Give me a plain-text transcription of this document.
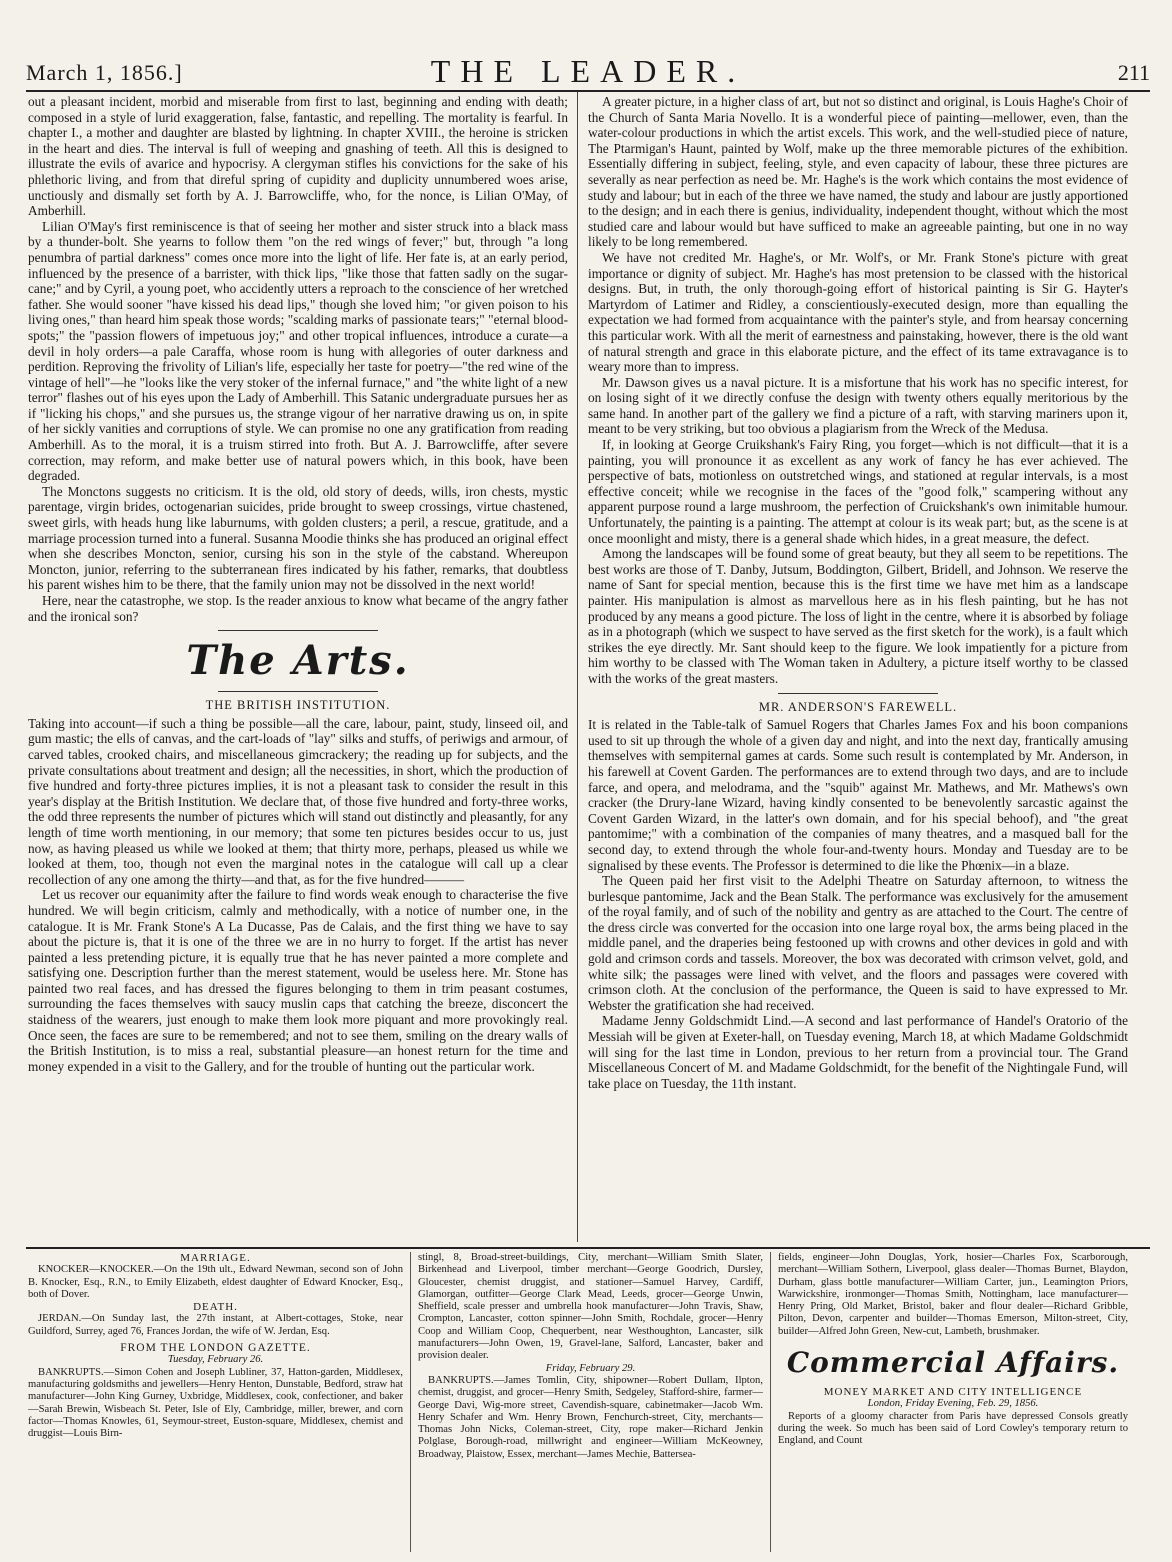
March 1, 1856.]	THE LEADER.	211

out a pleasant incident, morbid and miserable from first to last, beginning and ending with death; composed in a style of lurid exaggeration, false, fantastic, and repelling. The mortality is fearful. In chapter I., a mother and daughter are blasted by lightning. In chapter XVIII., the heroine is stricken in the heart and dies. The interval is full of weeping and gnashing of teeth. All this is designed to illustrate the evils of avarice and hypocrisy. A clergyman stifles his convictions for the sake of his phlethoric living, and from that direful spring of cupidity and duplicity unnumbered woes arise, unctiously and dismally set forth by A. J. Barrowcliffe, who, for the nonce, is Lilian O'May, of Amberhill.

Lilian O'May's first reminiscence is that of seeing her mother and sister struck into a black mass by a thunder-bolt. She yearns to follow them "on the red wings of fever;" but, through "a long penumbra of partial darkness" comes once more into the light of life. Her fate is, at an early period, influenced by the presence of a barrister, with thick lips, "like those that fatten sadly on the sugar-cane;" and by Cyril, a young poet, who accidently utters a reproach to the conscience of her wretched father. She would sooner "have kissed his dead lips," though she loved him; "or given poison to his living ones," than heard him speak those words; "scalding marks of passionate tears;" "eternal blood-spots;" the "passion flowers of impetuous joy;" and other tropical influences, introduce a curate—a devil in holy orders—a pale Caraffa, whose room is hung with allegories of outer darkness and perdition. Reproving the frivolity of Lilian's life, especially her taste for poetry—"the red wine of the vintage of hell"—he "looks like the very stoker of the infernal furnace," and "the white light of a new terror" flashes out of his eyes upon the Lady of Amberhill. This Satanic undergraduate pursues her as if "licking his chops," and she pursues us, the strange vigour of her narrative drawing us on, in spite of her sickly vanities and corruptions of style. We can promise no one any gratification from reading Amberhill. As to the moral, it is a truism stirred into froth. But A. J. Barrowcliffe, after severe correction, may reform, and make better use of natural powers which, in this book, have been degraded.

The Monctons suggests no criticism. It is the old, old story of deeds, wills, iron chests, mystic parentage, virgin brides, octogenarian suicides, pride brought to sweep crossings, virtue chastened, sweet girls, with heads hung like laburnums, with golden clusters; a peril, a rescue, gratitude, and a marriage procession turned into a funeral. Susanna Moodie thinks she has produced an original effect when she describes Moncton, senior, cursing his son in the style of the cabstand. Whereupon Moncton, junior, referring to the subterranean fires indicated by his father, remarks, that doubtless his parent wishes him to be there, that the family union may not be dissolved in the next world!

Here, near the catastrophe, we stop. Is the reader anxious to know what became of the angry father and the ironical son?

The Arts.
THE BRITISH INSTITUTION.

Taking into account—if such a thing be possible—all the care, labour, paint, study, linseed oil, and gum mastic; the ells of canvas, and the cart-loads of "lay" silks and stuffs, of periwigs and armour, of carved tables, crooked chairs, and miscellaneous gimcrackery; the reading up for subjects, and the private consultations about treatment and design; all the necessities, in short, which the production of five hundred and forty-three pictures implies, it is not a pleasant task to consider the result in this year's display at the British Institution. We declare that, of those five hundred and forty-three works, the odd three represents the number of pictures which will stand out distinctly and pleasantly, for any length of time worth mentioning, in our memory; that some ten pictures besides occur to us, just now, as having pleased us while we looked at them; that thirty more, perhaps, pleased us while we looked at them, too, though not even the marginal notes in the catalogue will call up a clear recollection of any one among the thirty—and that, as for the five hundred———

Let us recover our equanimity after the failure to find words weak enough to characterise the five hundred. We will begin criticism, calmly and methodically, with a notice of number one, in the catalogue. It is Mr. Frank Stone's A La Ducasse, Pas de Calais, and the first thing we have to say about the picture is, that it is one of the three we are in no hurry to forget. If the artist has never painted a less pretending picture, it is equally true that he has never painted a more complete and satisfying one. Description further than the merest statement, would be useless here. Mr. Stone has painted two real faces, and has dressed the figures belonging to them in trim peasant costumes, surrounding the faces themselves with saucy muslin caps that catching the breeze, disconcert the staidness of the wearers, just enough to make them look more piquant and more provokingly real. Once seen, the faces are sure to be remembered; and not to see them, smiling on the dreary walls of the British Institution, is to miss a real, substantial pleasure—an honest return for the time and money expended in a visit to the Gallery, and for the trouble of hunting out the particular work.

A greater picture, in a higher class of art, but not so distinct and original, is Louis Haghe's Choir of the Church of Santa Maria Novello. It is a wonderful piece of painting—mellower, even, than the water-colour productions in which the artist excels. This work, and the well-studied piece of nature, The Ptarmigan's Haunt, painted by Wolf, make up the three memorable pictures of the exhibition. Essentially differing in subject, feeling, style, and even capacity of labour, these three pictures are severally as near perfection as need be. Mr. Haghe's is the work which contains the most evidence of study and labour; but in each of the three we have named, the study and labour are justly apportioned to the design; and in each there is genius, individuality, independent thought, without which the most studied care and labour would but have sufficed to make an agreeable painting, but one in no way likely to be long remembered.

We have not credited Mr. Haghe's, or Mr. Wolf's, or Mr. Frank Stone's picture with great importance or dignity of subject. Mr. Haghe's has most pretension to be classed with the historical designs. But, in truth, the only thorough-going effort of historical painting is Sir G. Hayter's Martyrdom of Latimer and Ridley, a conscientiously-executed design, more than equalling the expectation we had formed from acquaintance with the painter's style, and from hearsay concerning this particular work. With all the merit of earnestness and painstaking, however, there is the old want of natural strength and grace in this elaborate picture, and the effect of its tame extravagance is to weary more than to impress.

Mr. Dawson gives us a naval picture. It is a misfortune that his work has no specific interest, for on losing sight of it we directly confuse the design with twenty others equally meritorious by the same hand. In another part of the gallery we find a picture of a raft, with starving mariners upon it, meant to be very striking, but too obvious a plagiarism from the Wreck of the Medusa.

If, in looking at George Cruikshank's Fairy Ring, you forget—which is not difficult—that it is a painting, you will pronounce it as excellent as any work of fancy he has ever achieved. The perspective of bats, motionless on outstretched wings, and stationed at regular intervals, is a most effective conceit; while we recognise in the faces of the "good folk," scampering without any apparent purpose round a large mushroom, the perfection of Cruickshank's own inimitable humour. Unfortunately, the painting is a painting. The attempt at colour is its weak part; but, as the scene is at once moonlight and misty, there is a general shade which hides, in a great measure, the defect.

Among the landscapes will be found some of great beauty, but they all seem to be repetitions. The best works are those of T. Danby, Jutsum, Boddington, Gilbert, Bridell, and Johnson. We reserve the name of Sant for special mention, because this is the first time we have met him as a landscape painter. His manipulation is almost as marvellous here as in his flesh painting, but he has not produced by any means a good picture. The loss of light in the centre, where it is absorbed by foliage as in a photograph (which we suspect to have served as the first sketch for the work), is a fault which strikes the eye directly. Mr. Sant should keep to the figure. We look impatiently for a picture from him worthy to be classed with The Woman taken in Adultery, a picture itself worthy to be classed with the works of the great masters.

MR. ANDERSON'S FAREWELL.

It is related in the Table-talk of Samuel Rogers that Charles James Fox and his boon companions used to sit up through the whole of a given day and night, and into the next day, frantically amusing themselves with sempiternal games at cards. Some such result is contemplated by Mr. Anderson, in his farewell at Covent Garden. The performances are to extend through two days, and are to include farce, and opera, and melodrama, and the "squib" against Mr. Mathews, and Mr. Mathews's own cracker (the Drury-lane Wizard, having kindly consented to be benevolently sarcastic against the Covent Garden Wizard, in the latter's own domain, and for his special behoof), and "the great pantomime;" with a combination of the companies of many theatres, and a masqued ball for the second day, to extend through the whole four-and-twenty hours. Monday and Tuesday are to be signalised by these events. The Professor is determined to die like the Phœnix—in a blaze.

The Queen paid her first visit to the Adelphi Theatre on Saturday afternoon, to witness the burlesque pantomime, Jack and the Bean Stalk. The performance was exclusively for the amusement of the royal family, and of such of the nobility and gentry as are attached to the Court. The centre of the dress circle was converted for the occasion into one large royal box, the arms being placed in the middle panel, and the draperies being festooned up with crowns and other devices in gold and with gold and crimson cords and tassels. Moreover, the box was decorated with crimson velvet, gold, and white silk; the passages were lined with velvet, and the floors and passages were covered with crimson cloth. At the conclusion of the performance, the Queen is said to have expressed to Mr. Webster the gratification she had received.

Madame Jenny Goldschmidt Lind.—A second and last performance of Handel's Oratorio of the Messiah will be given at Exeter-hall, on Tuesday evening, March 18, at which Madame Goldschmidt will sing for the last time in London, previous to her return from a provincial tour. The Grand Miscellaneous Concert of M. and Madame Goldschmidt, for the benefit of the Nightingale Fund, will take place on Tuesday, the 11th instant.

MARRIAGE.

KNOCKER—KNOCKER.—On the 19th ult., Edward Newman, second son of John B. Knocker, Esq., R.N., to Emily Elizabeth, eldest daughter of Edward Knocker, Esq., both of Dover.

DEATH.

JERDAN.—On Sunday last, the 27th instant, at Albert-cottages, Stoke, near Guildford, Surrey, aged 76, Frances Jordan, the wife of W. Jerdan, Esq.

FROM THE LONDON GAZETTE.
Tuesday, February 26.

BANKRUPTS.—Simon Cohen and Joseph Lubliner, 37, Hatton-garden, Middlesex, manufacturing goldsmiths and jewellers—Henry Henton, Dunstable, Bedford, straw hat manufacturer—John King Gurney, Uxbridge, Middlesex, cook, confectioner, and baker—Sarah Brewin, Wisbeach St. Peter, Isle of Ely, Cambridge, miller, brewer, and corn factor—Thomas Knowles, 61, Seymour-street, Euston-square, Middlesex, chemist and druggist—Louis Birn-

stingl, 8, Broad-street-buildings, City, merchant—William Smith Slater, Birkenhead and Liverpool, timber merchant—George Goodrich, Dursley, Gloucester, chemist druggist, and stationer—Samuel Harvey, Cardiff, Glamorgan, outfitter—George Clark Mead, Leeds, grocer—George Unwin, Sheffield, scale presser and umbrella hook manufacturer—John Travis, Shaw, Crompton, Lancaster, cotton spinner—John Smith, Rochdale, grocer—Henry Coop and William Coop, Chequerbent, near Westhoughton, Lancaster, silk manufacturers—John Owen, 19, Gravel-lane, Salford, Lancaster, baker and provision dealer.

Friday, February 29.

BANKRUPTS.—James Tomlin, City, shipowner—Robert Dullam, Ilpton, chemist, druggist, and grocer—Henry Smith, Sedgeley, Stafford-shire, farmer—George Davi, Wig-more street, Cavendish-square, cabinetmaker—Jacob Wm. Henry Schafer and Wm. Henry Brown, Fenchurch-street, City, merchants—Thomas John Nicks, Coleman-street, City, rope maker—Richard Jenkin Polglase, Borough-road, millwright and engineer—William McKeowney, Broadway, Plaistow, Essex, merchant—James Mechie, Battersea-

fields, engineer—John Douglas, York, hosier—Charles Fox, Scarborough, merchant—William Sothern, Liverpool, glass dealer—Thomas Burnet, Blaydon, Durham, glass bottle manufacturer—William Carter, jun., Leamington Priors, Warwickshire, ironmonger—Thomas Smith, Nottingham, lace manufacturer—Henry Pring, Old Market, Bristol, baker and flour dealer—Richard Gribble, Pilton, Devon, carpenter and builder—Thomas Emerson, Milton-street, City, builder—Alfred John Green, New-cut, Lambeth, brushmaker.

Commercial Affairs.
MONEY MARKET AND CITY INTELLIGENCE
London, Friday Evening, Feb. 29, 1856.

Reports of a gloomy character from Paris have depressed Consols greatly during the week. So much has been said of Lord Cowley's temporary return to England, and Count
